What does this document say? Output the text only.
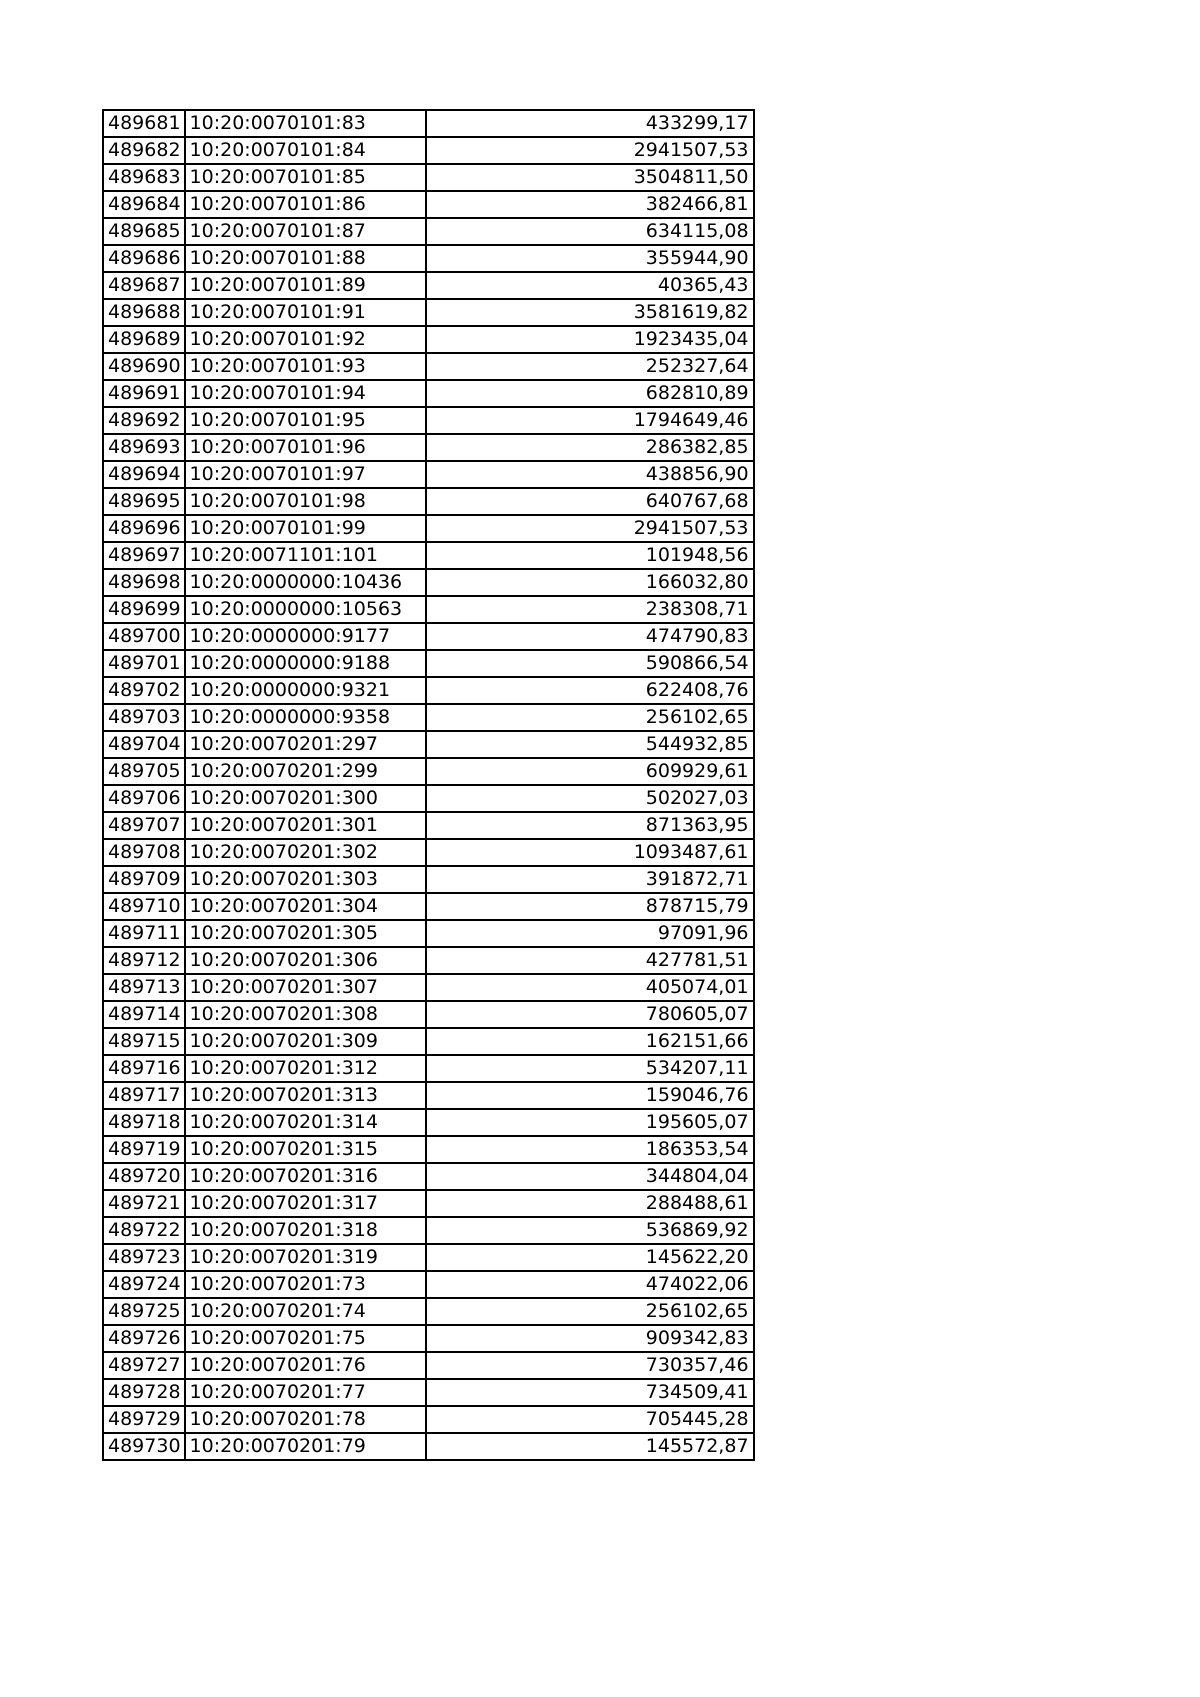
489681	10:20:0070101:83	433299,17
489682	10:20:0070101:84	2941507,53
489683	10:20:0070101:85	3504811,50
489684	10:20:0070101:86	382466,81
489685	10:20:0070101:87	634115,08
489686	10:20:0070101:88	355944,90
489687	10:20:0070101:89	40365,43
489688	10:20:0070101:91	3581619,82
489689	10:20:0070101:92	1923435,04
489690	10:20:0070101:93	252327,64
489691	10:20:0070101:94	682810,89
489692	10:20:0070101:95	1794649,46
489693	10:20:0070101:96	286382,85
489694	10:20:0070101:97	438856,90
489695	10:20:0070101:98	640767,68
489696	10:20:0070101:99	2941507,53
489697	10:20:0071101:101	101948,56
489698	10:20:0000000:10436	166032,80
489699	10:20:0000000:10563	238308,71
489700	10:20:0000000:9177	474790,83
489701	10:20:0000000:9188	590866,54
489702	10:20:0000000:9321	622408,76
489703	10:20:0000000:9358	256102,65
489704	10:20:0070201:297	544932,85
489705	10:20:0070201:299	609929,61
489706	10:20:0070201:300	502027,03
489707	10:20:0070201:301	871363,95
489708	10:20:0070201:302	1093487,61
489709	10:20:0070201:303	391872,71
489710	10:20:0070201:304	878715,79
489711	10:20:0070201:305	97091,96
489712	10:20:0070201:306	427781,51
489713	10:20:0070201:307	405074,01
489714	10:20:0070201:308	780605,07
489715	10:20:0070201:309	162151,66
489716	10:20:0070201:312	534207,11
489717	10:20:0070201:313	159046,76
489718	10:20:0070201:314	195605,07
489719	10:20:0070201:315	186353,54
489720	10:20:0070201:316	344804,04
489721	10:20:0070201:317	288488,61
489722	10:20:0070201:318	536869,92
489723	10:20:0070201:319	145622,20
489724	10:20:0070201:73	474022,06
489725	10:20:0070201:74	256102,65
489726	10:20:0070201:75	909342,83
489727	10:20:0070201:76	730357,46
489728	10:20:0070201:77	734509,41
489729	10:20:0070201:78	705445,28
489730	10:20:0070201:79	145572,87
